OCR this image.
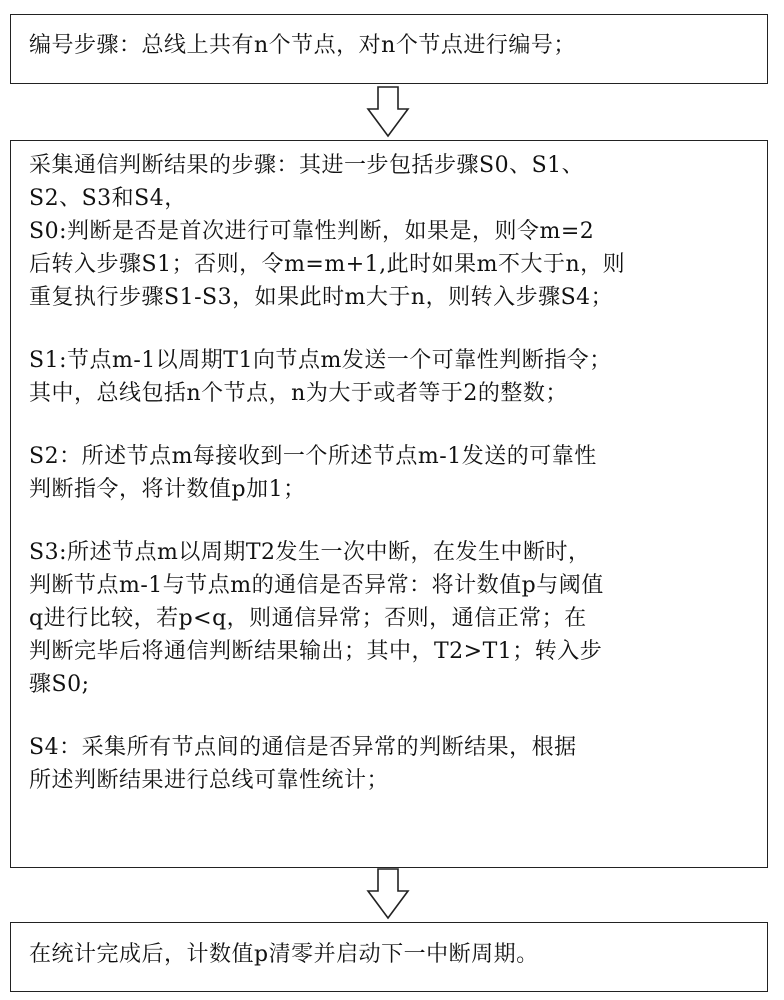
编号步骤：总线上共有n个节点，对n个节点进行编号；
采集通信判断结果的步骤：其进一步包括步骤S0、S1、
S2、S3和S4，
S0:判断是否是首次进行可靠性判断，如果是，则令m=2
后转入步骤S1；否则，令m=m+1,此时如果m不大于n，则
重复执行步骤S1-S3，如果此时m大于n，则转入步骤S4；
S1:节点m-1以周期T1向节点m发送一个可靠性判断指令；
其中，总线包括n个节点，n为大于或者等于2的整数；
S2：所述节点m每接收到一个所述节点m-1发送的可靠性
判断指令，将计数值p加1；
S3:所述节点m以周期T2发生一次中断，在发生中断时，
判断节点m-1与节点m的通信是否异常：将计数值p与阈值
q进行比较，若p<q，则通信异常；否则，通信正常；在
判断完毕后将通信判断结果输出；其中，T2>T1；转入步
骤S0;
S4：采集所有节点间的通信是否异常的判断结果，根据
所述判断结果进行总线可靠性统计；
在统计完成后，计数值p清零并启动下一中断周期。
